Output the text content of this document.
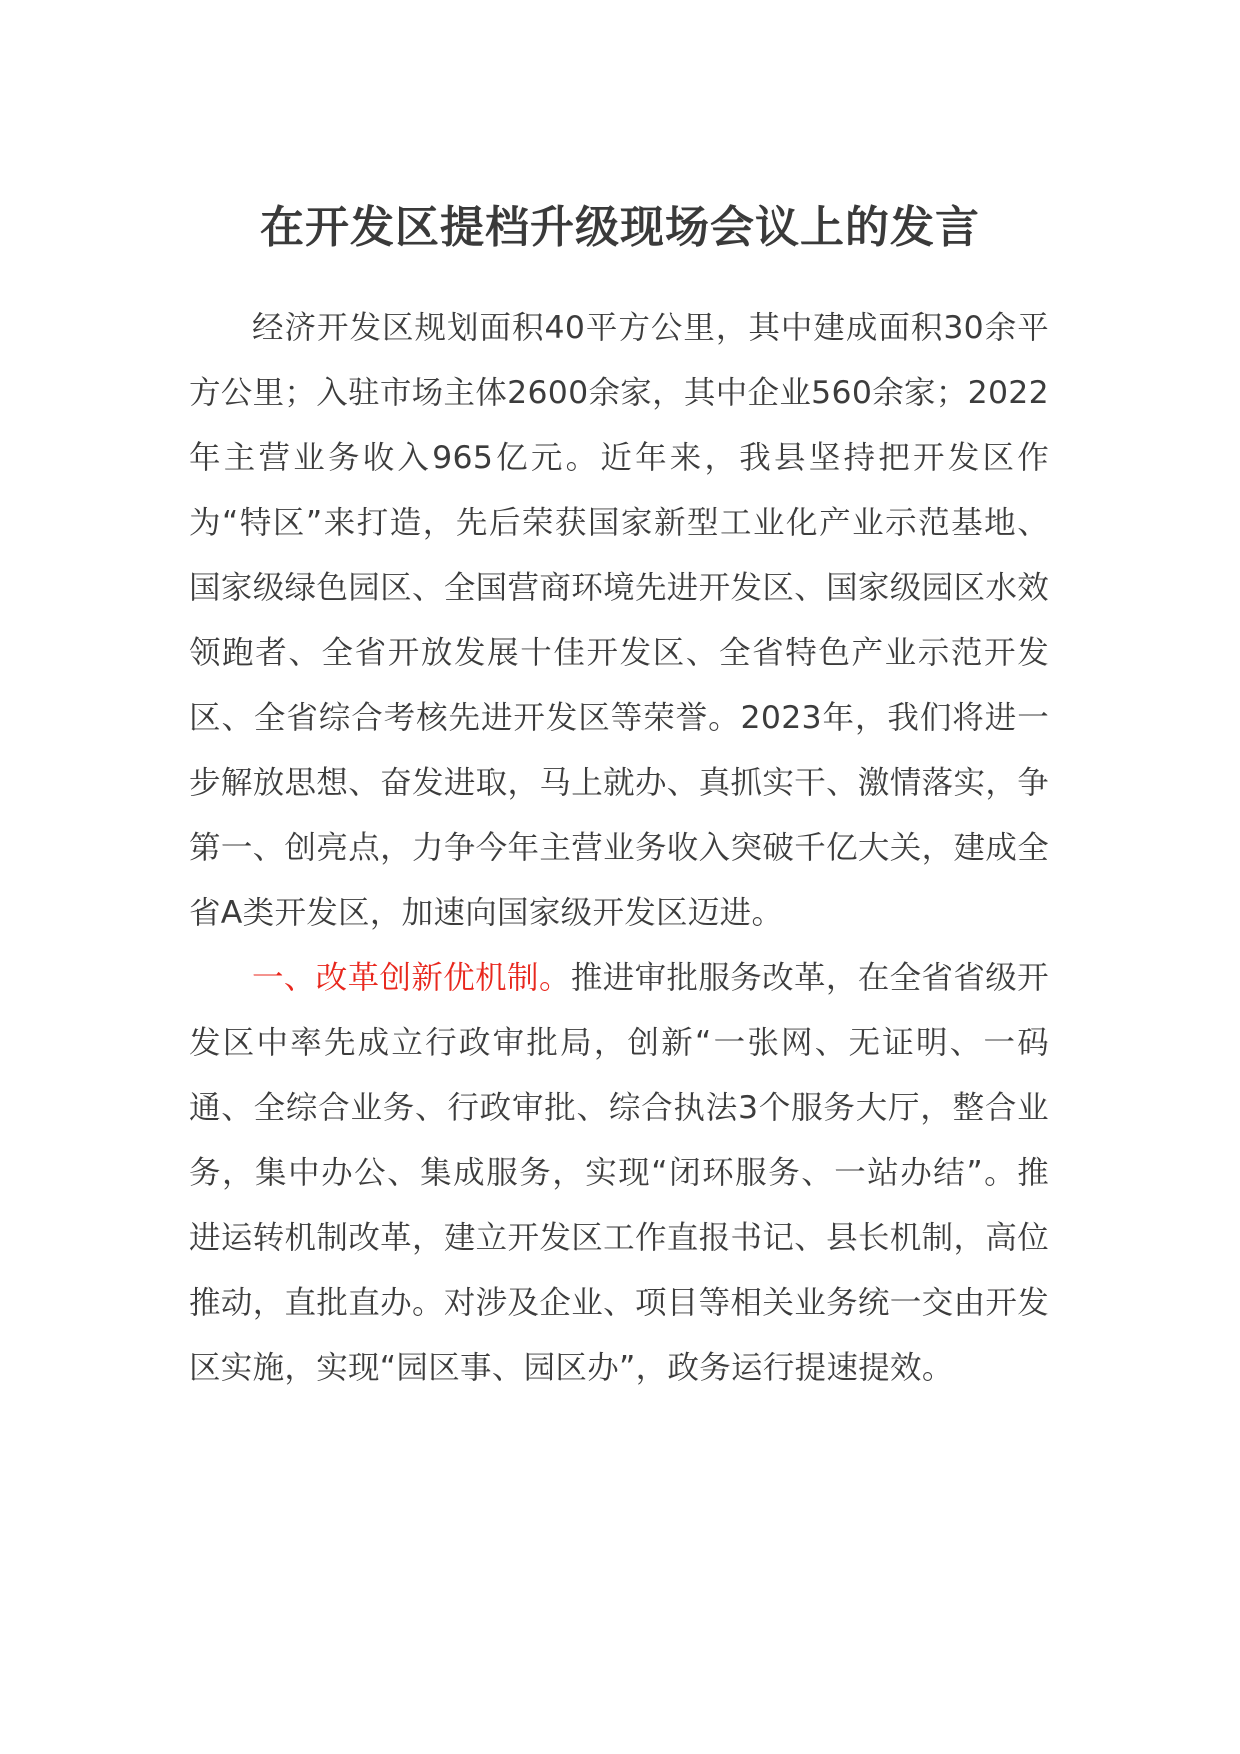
在开发区提档升级现场会议上的发言

经济开发区规划面积40平方公里，其中建成面积30余平方公里；入驻市场主体2600余家，其中企业560余家；2022年主营业务收入965亿元。近年来，我县坚持把开发区作为“特区”来打造，先后荣获国家新型工业化产业示范基地、国家级绿色园区、全国营商环境先进开发区、国家级园区水效领跑者、全省开放发展十佳开发区、全省特色产业示范开发区、全省综合考核先进开发区等荣誉。2023年，我们将进一步解放思想、奋发进取，马上就办、真抓实干、激情落实，争第一、创亮点，力争今年主营业务收入突破千亿大关，建成全省A类开发区，加速向国家级开发区迈进。

一、改革创新优机制。推进审批服务改革，在全省省级开发区中率先成立行政审批局，创新“一张网、无证明、一码通、全综合业务、行政审批、综合执法3个服务大厅，整合业务，集中办公、集成服务，实现“闭环服务、一站办结”。推进运转机制改革，建立开发区工作直报书记、县长机制，高位推动，直批直办。对涉及企业、项目等相关业务统一交由开发区实施，实现“园区事、园区办”，政务运行提速提效。
